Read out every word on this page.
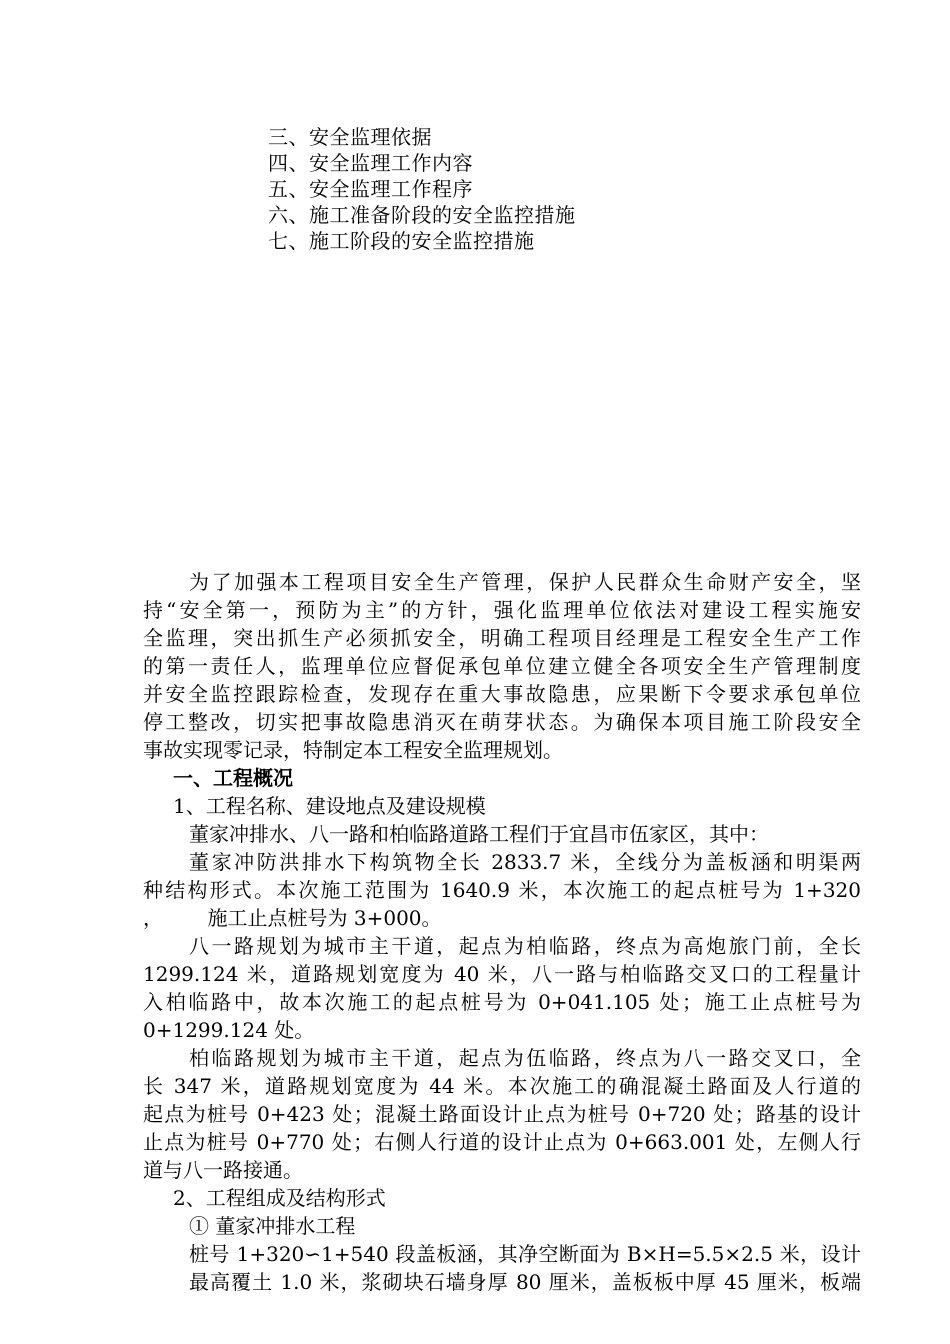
三、安全监理依据
四、安全监理工作内容
五、安全监理工作程序
六、施工准备阶段的安全监控措施
七、施工阶段的安全监控措施
为了加强本工程项目安全生产管理，保护人民群众生命财产安全，坚
持“安全第一，预防为主”的方针，强化监理单位依法对建设工程实施安
全监理，突出抓生产必须抓安全，明确工程项目经理是工程安全生产工作
的第一责任人，监理单位应督促承包单位建立健全各项安全生产管理制度
并安全监控跟踪检查，发现存在重大事故隐患，应果断下令要求承包单位
停工整改，切实把事故隐患消灭在萌芽状态。为确保本项目施工阶段安全
事故实现零记录，特制定本工程安全监理规划。
一、工程概况
1、工程名称、建设地点及建设规模
董家冲排水、八一路和柏临路道路工程们于宜昌市伍家区，其中：
董家冲防洪排水下构筑物全长 2833.7 米，全线分为盖板涵和明渠两
种结构形式。本次施工范围为 1640.9 米，本次施工的起点桩号为 1+320
，       施工止点桩号为 3+000。
八一路规划为城市主干道，起点为柏临路，终点为高炮旅门前，全长
1299.124 米，道路规划宽度为 40 米，八一路与柏临路交叉口的工程量计
入柏临路中，故本次施工的起点桩号为 0+041.105 处；施工止点桩号为
0+1299.124 处。
柏临路规划为城市主干道，起点为伍临路，终点为八一路交叉口，全
长 347 米，道路规划宽度为 44 米。本次施工的确混凝土路面及人行道的
起点为桩号 0+423 处；混凝土路面设计止点为桩号 0+720 处；路基的设计
止点为桩号 0+770 处；右侧人行道的设计止点为 0+663.001 处，左侧人行
道与八一路接通。
2、工程组成及结构形式
① 董家冲排水工程
桩号 1+320∽1+540 段盖板涵，其净空断面为 B×H=5.5×2.5 米，设计
最高覆土 1.0 米，浆砌块石墙身厚 80 厘米，盖板板中厚 45 厘米，板端
